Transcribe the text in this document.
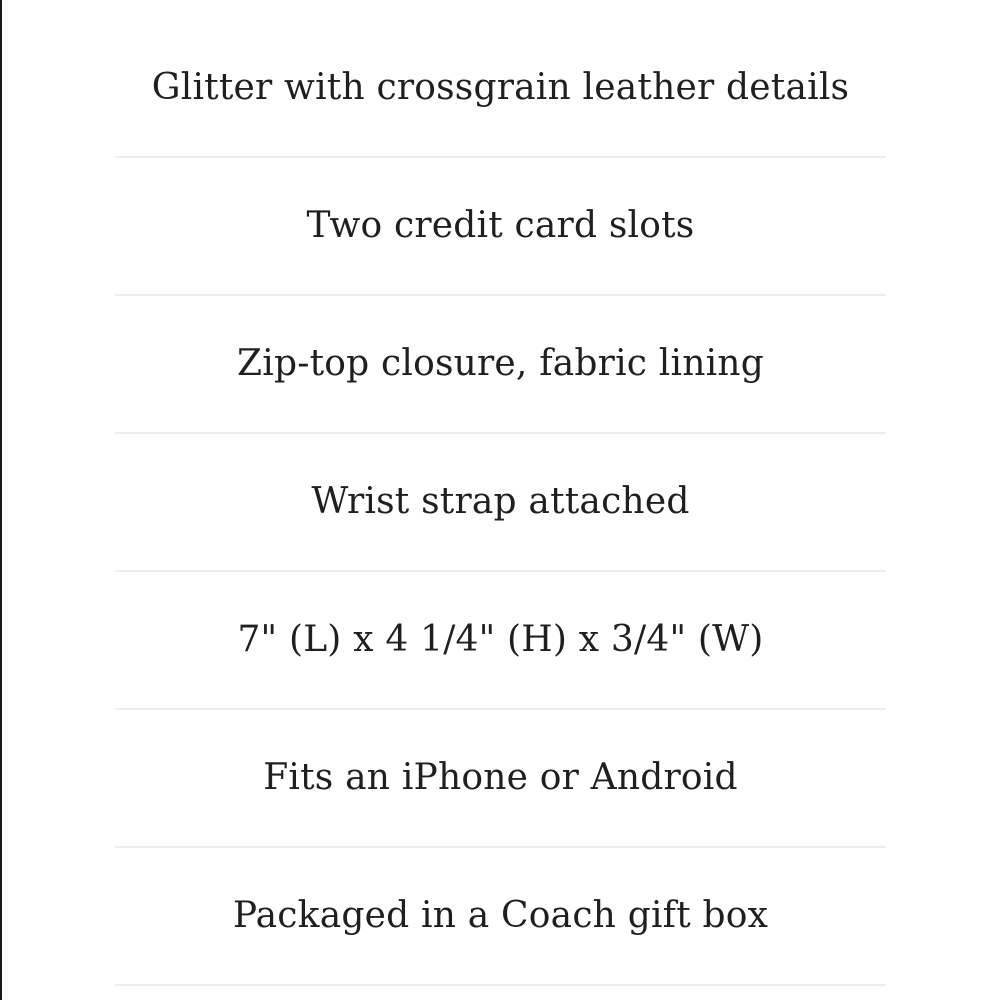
Glitter with crossgrain leather details
Two credit card slots
Zip-top closure, fabric lining
Wrist strap attached
7" (L) x 4 1/4" (H) x 3/4" (W)
Fits an iPhone or Android
Packaged in a Coach gift box
